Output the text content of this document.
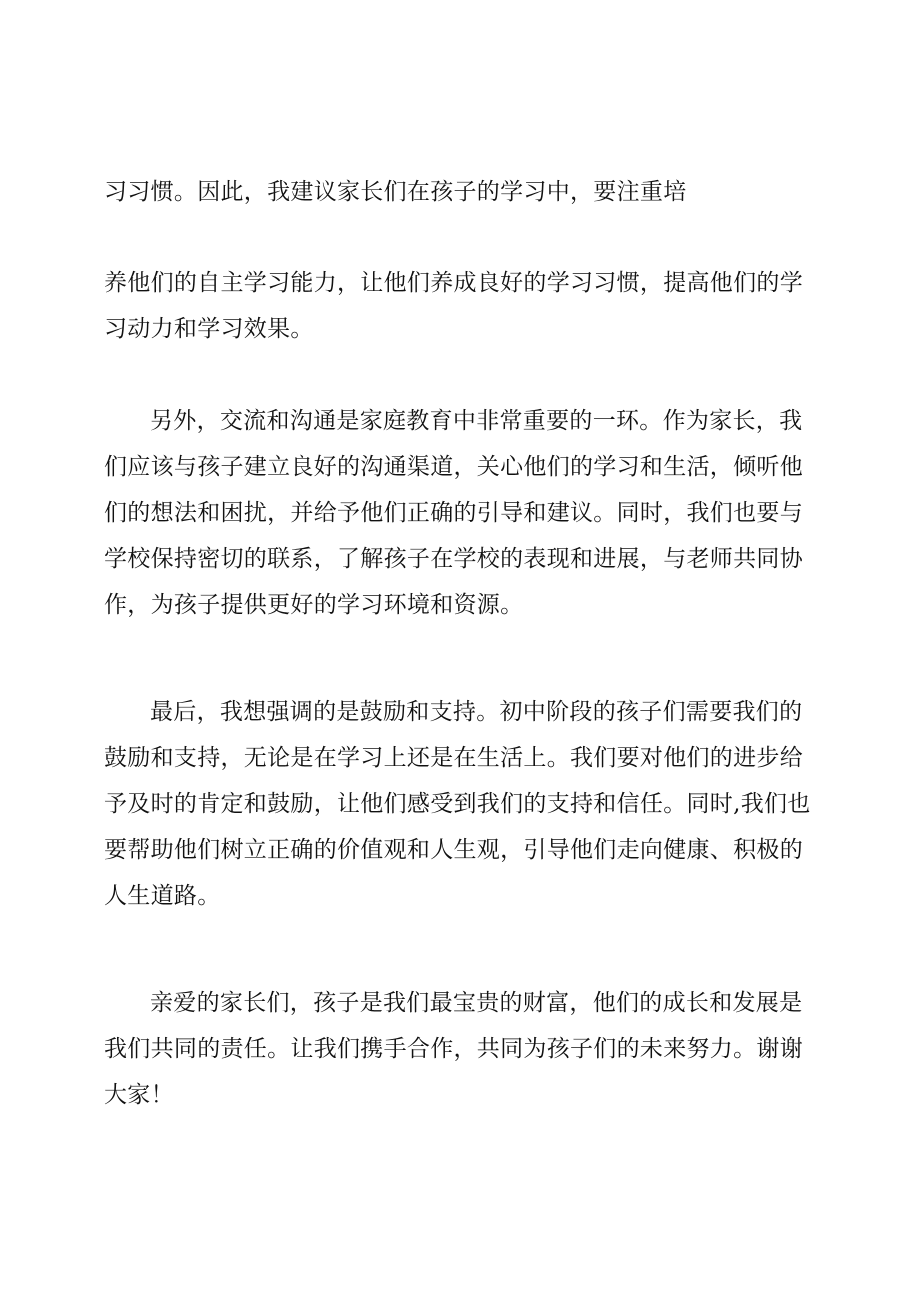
习习惯。因此，我建议家长们在孩子的学习中，要注重培
养他们的自主学习能力，让他们养成良好的学习习惯，提高他们的学
习动力和学习效果。
另外，交流和沟通是家庭教育中非常重要的一环。作为家长，我
们应该与孩子建立良好的沟通渠道，关心他们的学习和生活，倾听他
们的想法和困扰，并给予他们正确的引导和建议。同时，我们也要与
学校保持密切的联系，了解孩子在学校的表现和进展，与老师共同协
作，为孩子提供更好的学习环境和资源。
最后，我想强调的是鼓励和支持。初中阶段的孩子们需要我们的
鼓励和支持，无论是在学习上还是在生活上。我们要对他们的进步给
予及时的肯定和鼓励，让他们感受到我们的支持和信任。同时,我们也
要帮助他们树立正确的价值观和人生观，引导他们走向健康、积极的
人生道路。
亲爱的家长们，孩子是我们最宝贵的财富，他们的成长和发展是
我们共同的责任。让我们携手合作，共同为孩子们的未来努力。谢谢
大家！
